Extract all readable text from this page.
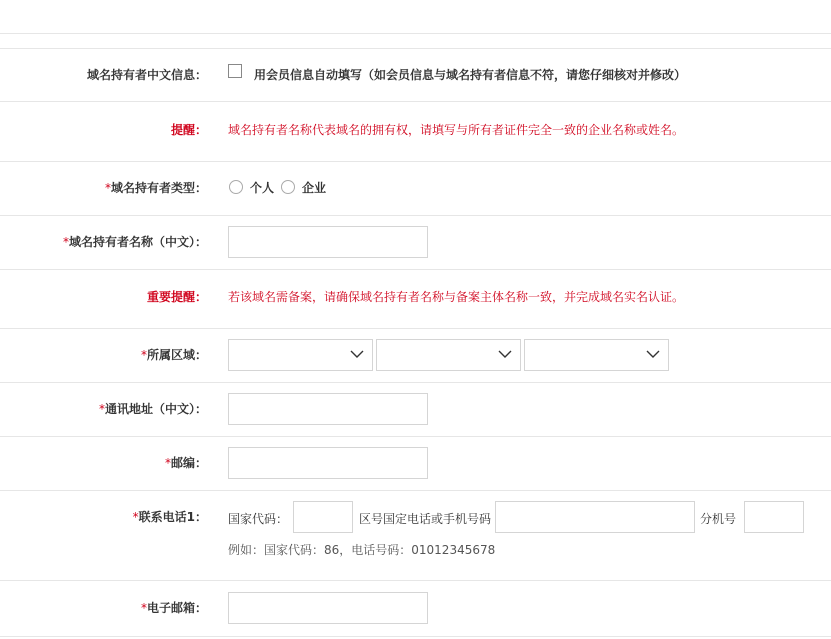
域名持有者中文信息：	用会员信息自动填写（如会员信息与域名持有者信息不符，请您仔细核对并修改）
提醒： 域名持有者名称代表域名的拥有权，请填写与所有者证件完全一致的企业名称或姓名。
*域名持有者类型：	个人 企业
*域名持有者名称（中文）：
重要提醒： 若该域名需备案，请确保域名持有者名称与备案主体名称一致，并完成域名实名认证。
*所属区域：
*通讯地址（中文）：
*邮编：
*联系电话1： 国家代码：	区号国定电话或手机号码	分机号
例如：国家代码：86，电话号码：01012345678
*电子邮箱：
